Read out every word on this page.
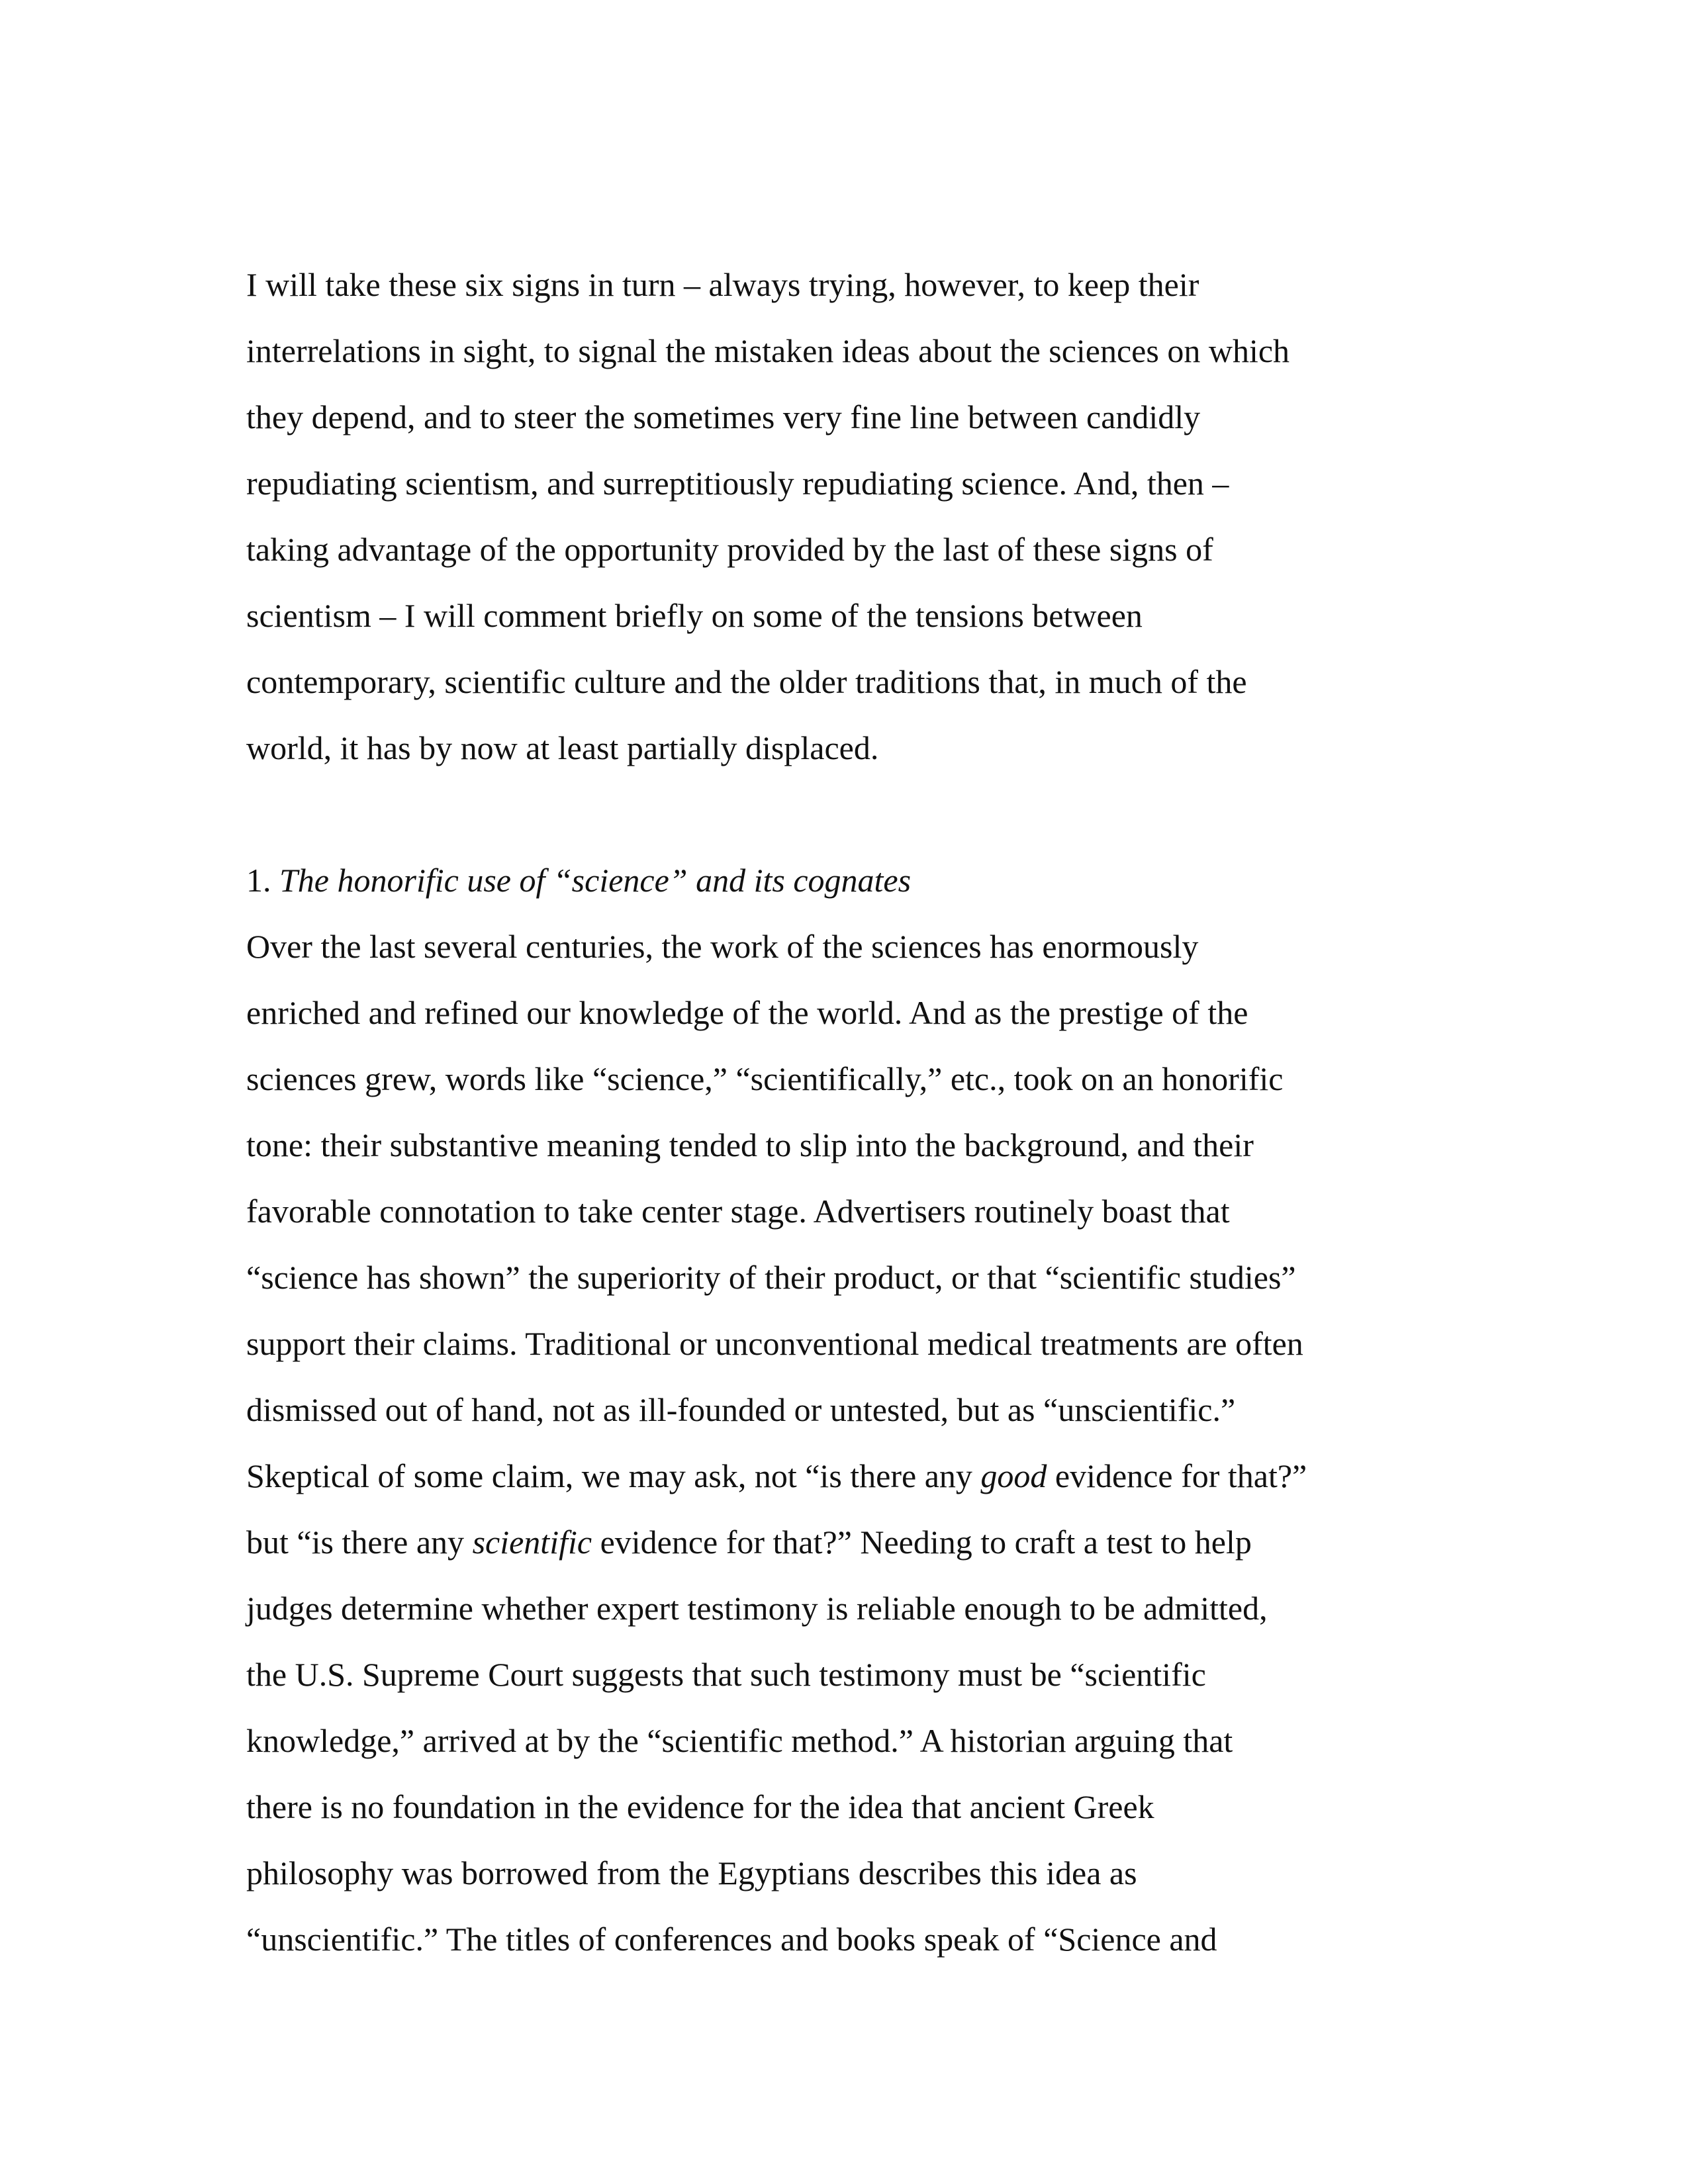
I will take these six signs in turn – always trying, however, to keep their
interrelations in sight, to signal the mistaken ideas about the sciences on which
they depend, and to steer the sometimes very fine line between candidly
repudiating scientism, and surreptitiously repudiating science. And, then –
taking advantage of the opportunity provided by the last of these signs of
scientism – I will comment briefly on some of the tensions between
contemporary, scientific culture and the older traditions that, in much of the
world, it has by now at least partially displaced.
1. The honorific use of “science” and its cognates
Over the last several centuries, the work of the sciences has enormously
enriched and refined our knowledge of the world. And as the prestige of the
sciences grew, words like “science,” “scientifically,” etc., took on an honorific
tone: their substantive meaning tended to slip into the background, and their
favorable connotation to take center stage. Advertisers routinely boast that
“science has shown” the superiority of their product, or that “scientific studies”
support their claims. Traditional or unconventional medical treatments are often
dismissed out of hand, not as ill-founded or untested, but as “unscientific.”
Skeptical of some claim, we may ask, not “is there any good evidence for that?”
but “is there any scientific evidence for that?” Needing to craft a test to help
judges determine whether expert testimony is reliable enough to be admitted,
the U.S. Supreme Court suggests that such testimony must be “scientific
knowledge,” arrived at by the “scientific method.” A historian arguing that
there is no foundation in the evidence for the idea that ancient Greek
philosophy was borrowed from the Egyptians describes this idea as
“unscientific.” The titles of conferences and books speak of “Science and
